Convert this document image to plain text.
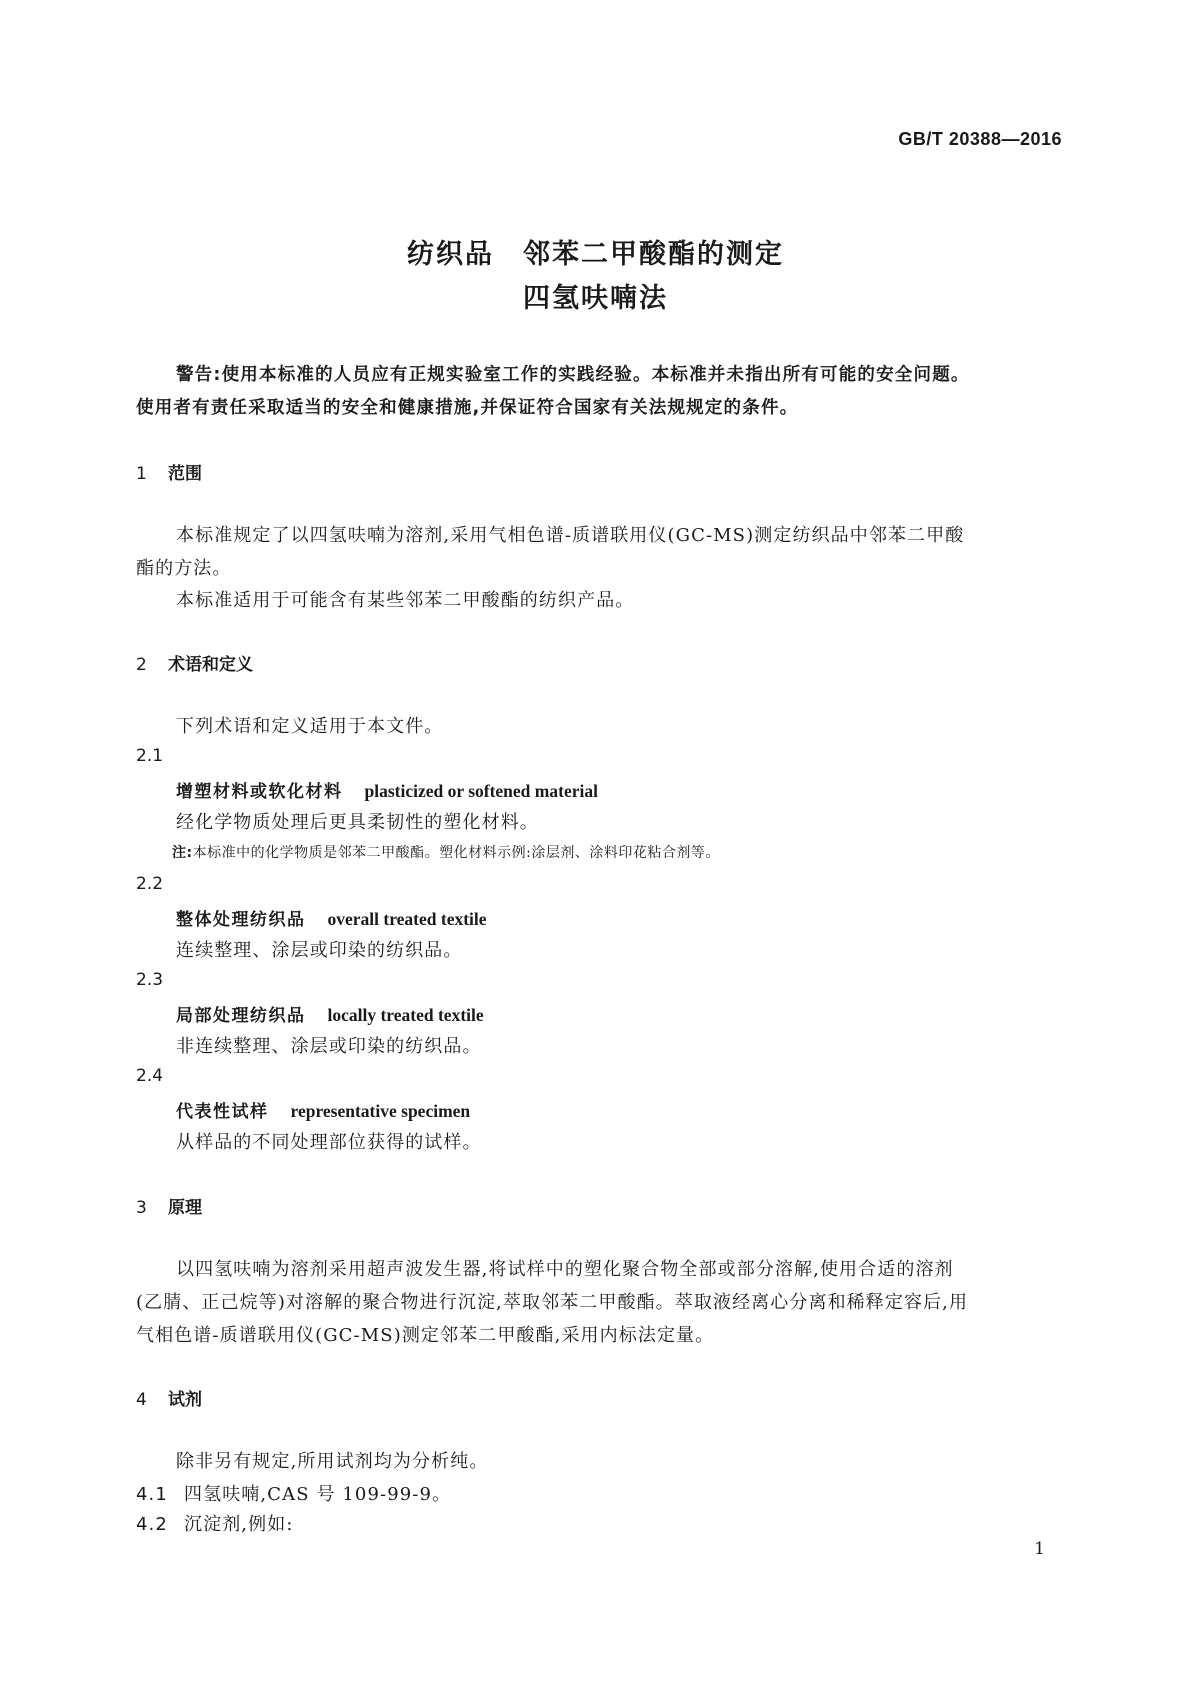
GB/T 20388—2016
纺织品　邻苯二甲酸酯的测定
四氢呋喃法
警告:使用本标准的人员应有正规实验室工作的实践经验。本标准并未指出所有可能的安全问题。
使用者有责任采取适当的安全和健康措施,并保证符合国家有关法规规定的条件。
1 范围
本标准规定了以四氢呋喃为溶剂,采用气相色谱-质谱联用仪(GC-MS)测定纺织品中邻苯二甲酸
酯的方法。
本标准适用于可能含有某些邻苯二甲酸酯的纺织产品。
2 术语和定义
下列术语和定义适用于本文件。
2.1
增塑材料或软化材料 plasticized or softened material
经化学物质处理后更具柔韧性的塑化材料。
注:本标准中的化学物质是邻苯二甲酸酯。塑化材料示例:涂层剂、涂料印花粘合剂等。
2.2
整体处理纺织品 overall treated textile
连续整理、涂层或印染的纺织品。
2.3
局部处理纺织品 locally treated textile
非连续整理、涂层或印染的纺织品。
2.4
代表性试样 representative specimen
从样品的不同处理部位获得的试样。
3 原理
以四氢呋喃为溶剂采用超声波发生器,将试样中的塑化聚合物全部或部分溶解,使用合适的溶剂
(乙腈、正己烷等)对溶解的聚合物进行沉淀,萃取邻苯二甲酸酯。萃取液经离心分离和稀释定容后,用
气相色谱-质谱联用仪(GC-MS)测定邻苯二甲酸酯,采用内标法定量。
4 试剂
除非另有规定,所用试剂均为分析纯。
4.1 四氢呋喃,CAS 号 109-99-9。
4.2 沉淀剂,例如:
1
